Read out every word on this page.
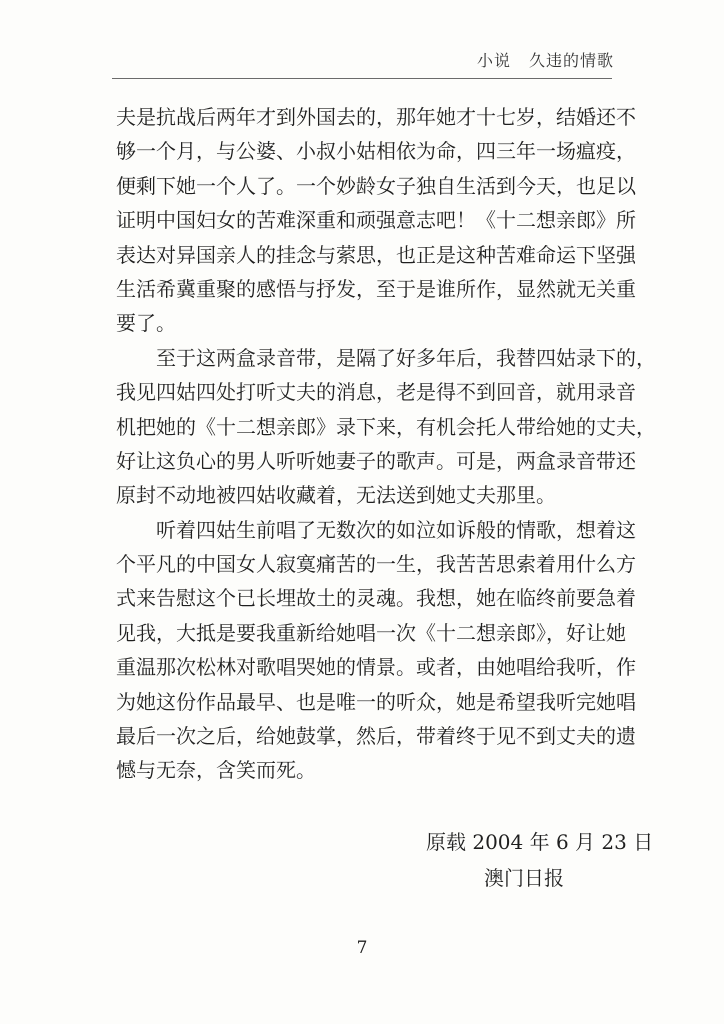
小说 久违的情歌
夫是抗战后两年才到外国去的，那年她才十七岁，结婚还不
够一个月，与公婆、小叔小姑相依为命，四三年一场瘟疫，
便剩下她一个人了。一个妙龄女子独自生活到今天，也足以
证明中国妇女的苦难深重和顽强意志吧！《十二想亲郎》所
表达对异国亲人的挂念与萦思，也正是这种苦难命运下坚强
生活希冀重聚的感悟与抒发，至于是谁所作，显然就无关重
要了。
　　至于这两盒录音带，是隔了好多年后，我替四姑录下的，
我见四姑四处打听丈夫的消息，老是得不到回音，就用录音
机把她的《十二想亲郎》录下来，有机会托人带给她的丈夫，
好让这负心的男人听听她妻子的歌声。可是，两盒录音带还
原封不动地被四姑收藏着，无法送到她丈夫那里。
　　听着四姑生前唱了无数次的如泣如诉般的情歌，想着这
个平凡的中国女人寂寞痛苦的一生，我苦苦思索着用什么方
式来告慰这个已长埋故土的灵魂。我想，她在临终前要急着
见我，大抵是要我重新给她唱一次《十二想亲郎》，好让她
重温那次松林对歌唱哭她的情景。或者，由她唱给我听，作
为她这份作品最早、也是唯一的听众，她是希望我听完她唱
最后一次之后，给她鼓掌，然后，带着终于见不到丈夫的遗
憾与无奈，含笑而死。
原载 2004 年 6 月 23 日
澳门日报
7
